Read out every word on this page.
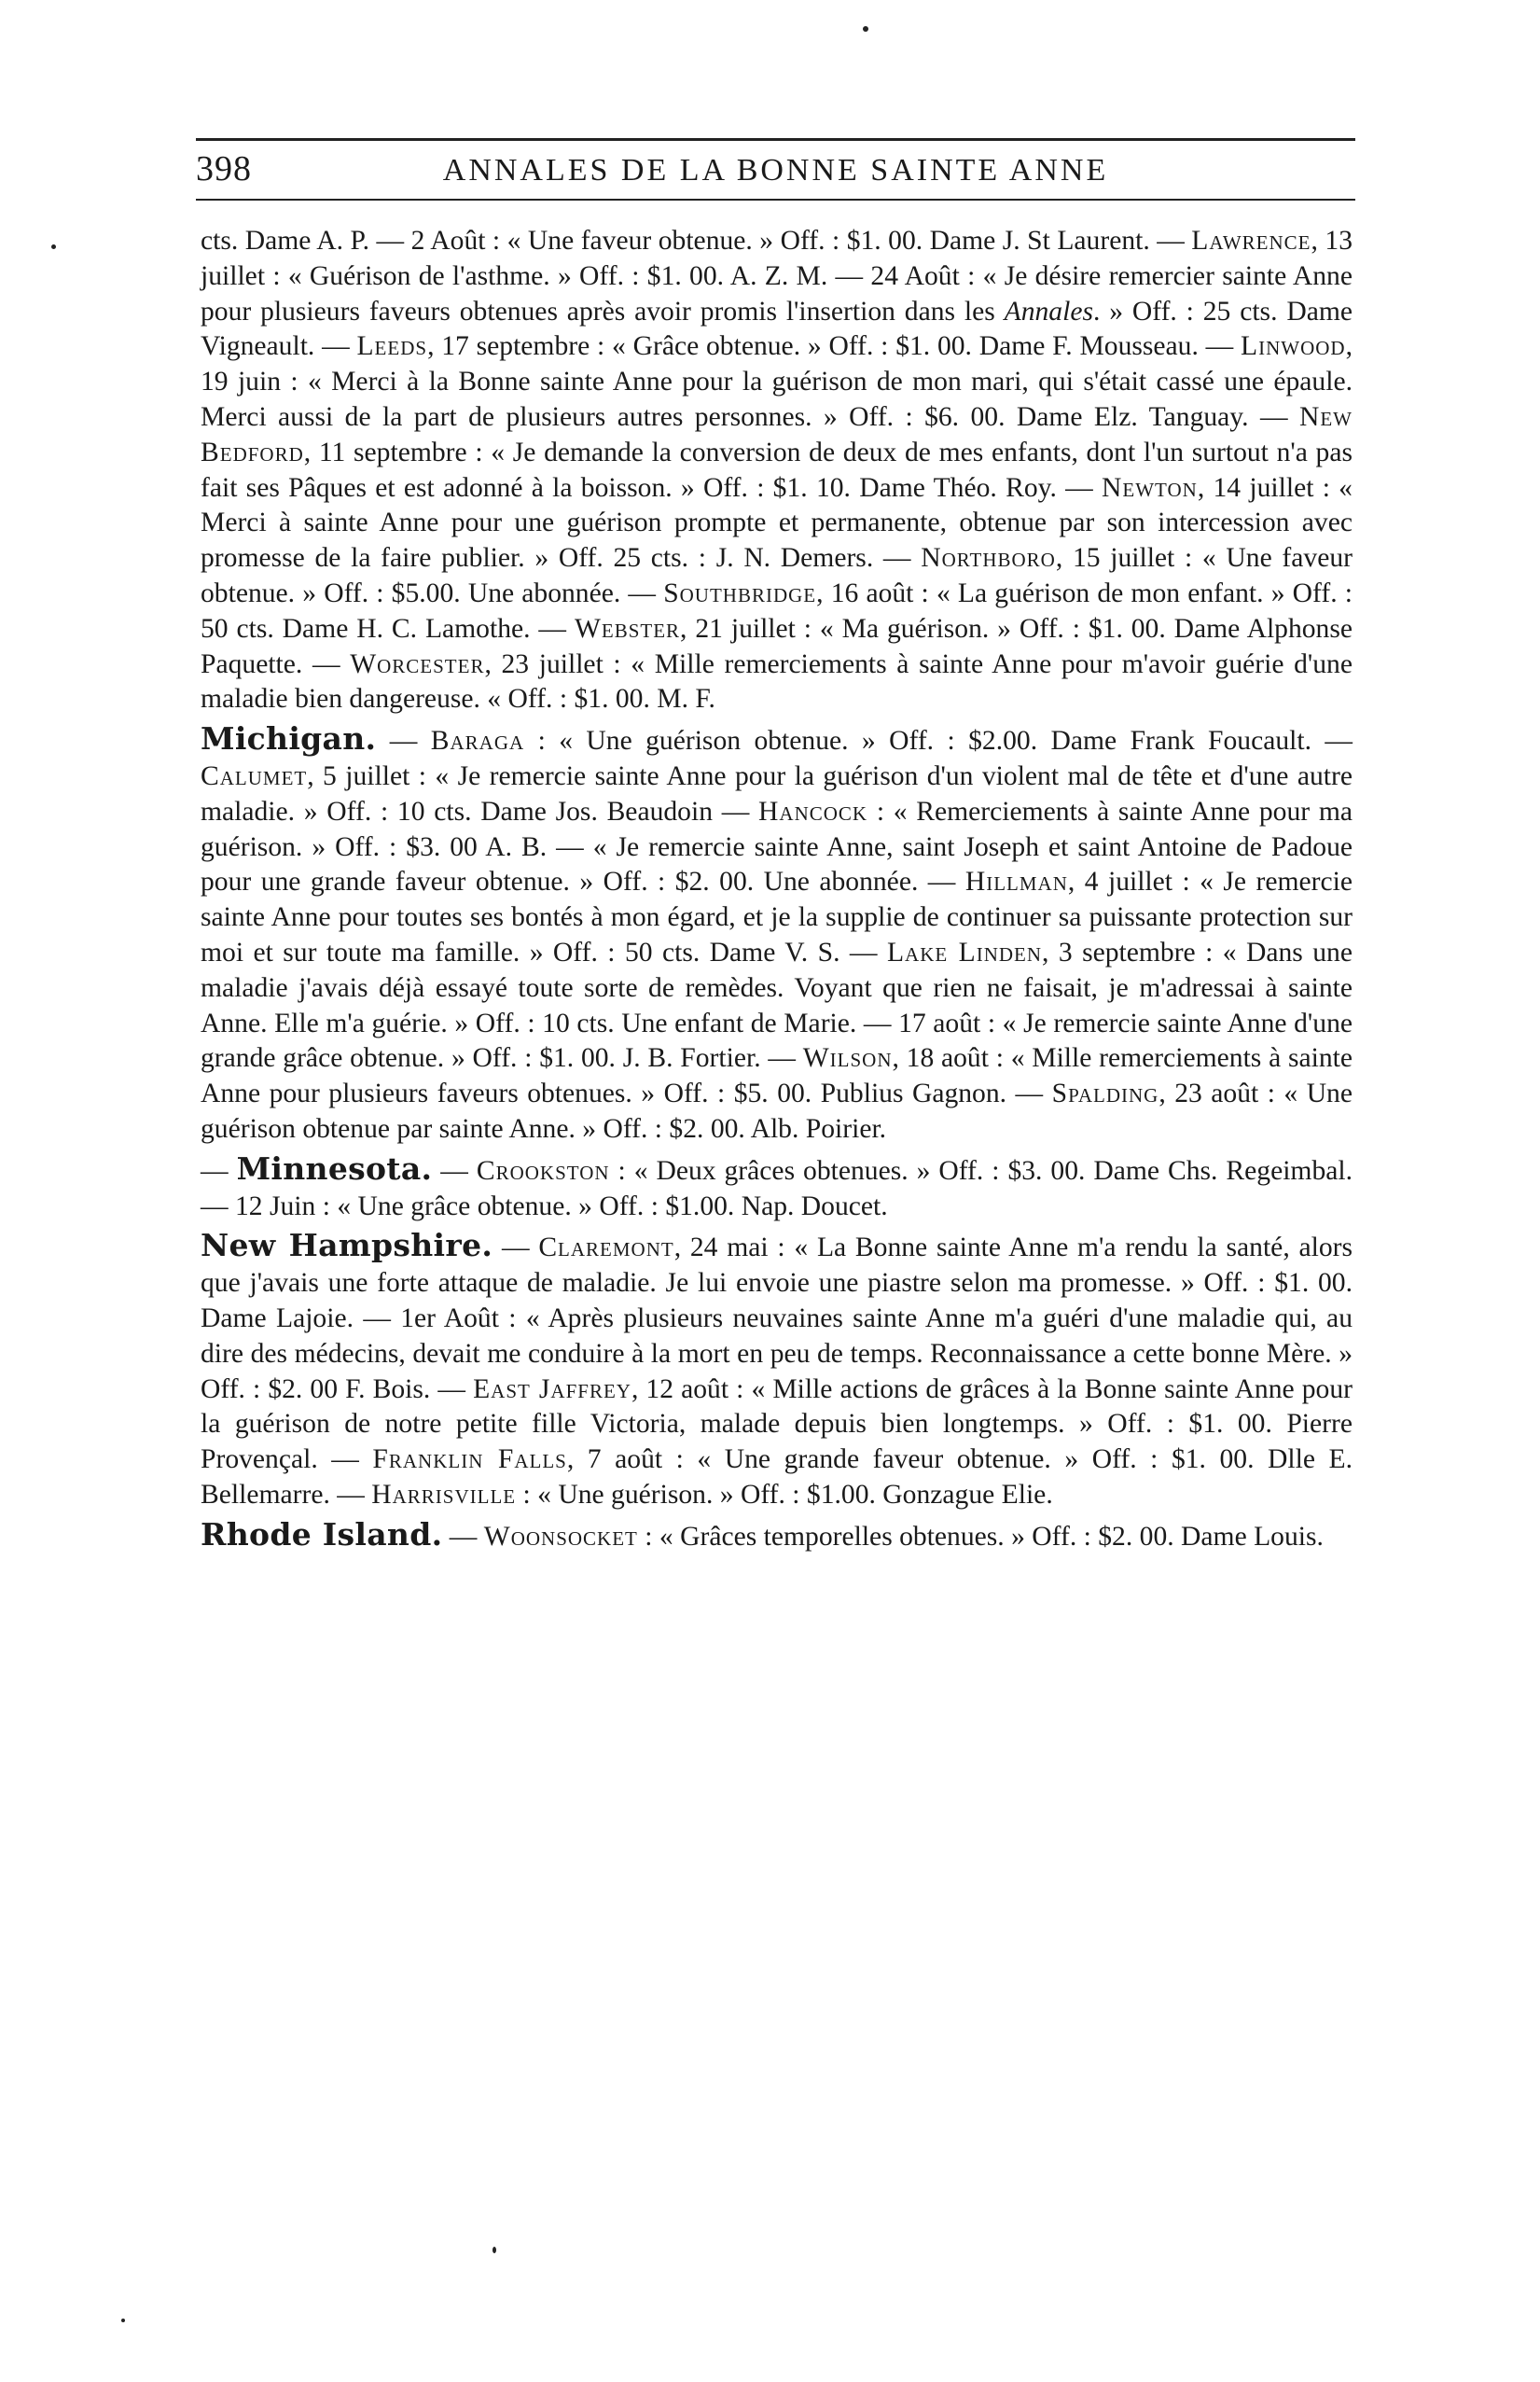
398	ANNALES DE LA BONNE SAINTE ANNE

cts. Dame A. P. — 2 Août : « Une faveur obtenue. » Off. : $1. 00. Dame J. St Laurent. — Lawrence, 13 juillet : « Guérison de l'asthme. » Off. : $1. 00. A. Z. M. — 24 Août : « Je désire remercier sainte Anne pour plusieurs faveurs obtenues après avoir promis l'insertion dans les Annales. » Off. : 25 cts. Dame Vigneault. — Leeds, 17 septembre : « Grâce obtenue. » Off. : $1. 00. Dame F. Mousseau. — Linwood, 19 juin : « Merci à la Bonne sainte Anne pour la guérison de mon mari, qui s'était cassé une épaule. Merci aussi de la part de plusieurs autres personnes. » Off. : $6. 00. Dame Elz. Tanguay. — New Bedford, 11 septembre : « Je demande la conversion de deux de mes enfants, dont l'un surtout n'a pas fait ses Pâques et est adonné à la boisson. » Off. : $1. 10. Dame Théo. Roy. — Newton, 14 juillet : « Merci à sainte Anne pour une guérison prompte et permanente, obtenue par son intercession avec promesse de la faire publier. » Off. 25 cts. : J. N. Demers. — Northboro, 15 juillet : « Une faveur obtenue. » Off. : $5.00. Une abonnée. — Southbridge, 16 août : « La guérison de mon enfant. » Off. : 50 cts. Dame H. C. Lamothe. — Webster, 21 juillet : « Ma guérison. » Off. : $1. 00. Dame Alphonse Paquette. — Worcester, 23 juillet : « Mille remerciements à sainte Anne pour m'avoir guérie d'une maladie bien dangereuse. « Off. : $1. 00. M. F.

Michigan. — Baraga : « Une guérison obtenue. » Off. : $2.00. Dame Frank Foucault. — Calumet, 5 juillet : « Je remercie sainte Anne pour la guérison d'un violent mal de tête et d'une autre maladie. » Off. : 10 cts. Dame Jos. Beaudoin — Hancock : « Remerciements à sainte Anne pour ma guérison. » Off. : $3. 00 A. B. — « Je remercie sainte Anne, saint Joseph et saint Antoine de Padoue pour une grande faveur obtenue. » Off. : $2. 00. Une abonnée. — Hillman, 4 juillet : « Je remercie sainte Anne pour toutes ses bontés à mon égard, et je la supplie de continuer sa puissante protection sur moi et sur toute ma famille. » Off. : 50 cts. Dame V. S. — Lake Linden, 3 septembre : « Dans une maladie j'avais déjà essayé toute sorte de remèdes. Voyant que rien ne faisait, je m'adressai à sainte Anne. Elle m'a guérie. » Off. : 10 cts. Une enfant de Marie. — 17 août : « Je remercie sainte Anne d'une grande grâce obtenue. » Off. : $1. 00. J. B. Fortier. — Wilson, 18 août : « Mille remerciements à sainte Anne pour plusieurs faveurs obtenues. » Off. : $5. 00. Publius Gagnon. — Spalding, 23 août : « Une guérison obtenue par sainte Anne. » Off. : $2. 00. Alb. Poirier.

— Minnesota. — Crookston : « Deux grâces obtenues. » Off. : $3. 00. Dame Chs. Regeimbal. — 12 Juin : « Une grâce obtenue. » Off. : $1.00. Nap. Doucet.

New Hampshire. — Claremont, 24 mai : « La Bonne sainte Anne m'a rendu la santé, alors que j'avais une forte attaque de maladie. Je lui envoie une piastre selon ma promesse. » Off. : $1. 00. Dame Lajoie. — 1er Août : « Après plusieurs neuvaines sainte Anne m'a guéri d'une maladie qui, au dire des médecins, devait me conduire à la mort en peu de temps. Reconnaissance a cette bonne Mère. » Off. : $2. 00 F. Bois. — East Jaffrey, 12 août : « Mille actions de grâces à la Bonne sainte Anne pour la guérison de notre petite fille Victoria, malade depuis bien longtemps. » Off. : $1. 00. Pierre Provençal. — Franklin Falls, 7 août : « Une grande faveur obtenue. » Off. : $1. 00. Dlle E. Bellemarre. — Harrisville : « Une guérison. » Off. : $1.00. Gonzague Elie.

Rhode Island. — Woonsocket : « Grâces temporelles obtenues. » Off. : $2. 00. Dame Louis.
